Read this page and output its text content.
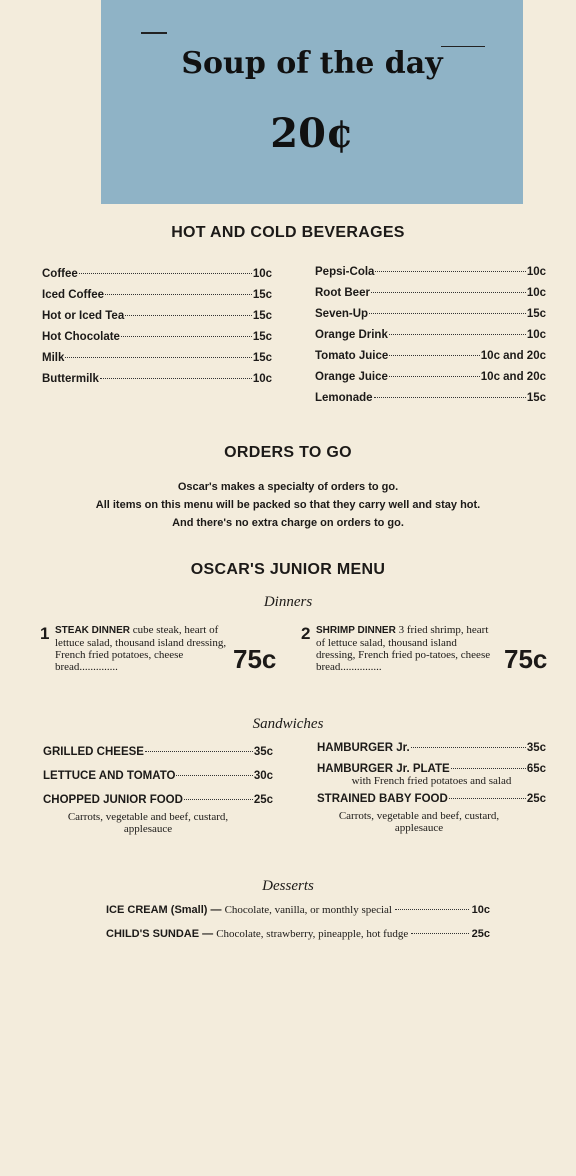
Soup of the day
20¢
HOT AND COLD BEVERAGES
Coffee	10c
Iced Coffee	15c
Hot or Iced Tea	15c
Hot Chocolate	15c
Milk	15c
Buttermilk	10c
Pepsi-Cola	10c
Root Beer	10c
Seven-Up	15c
Orange Drink	10c
Tomato Juice	10c and 20c
Orange Juice	10c and 20c
Lemonade	15c
ORDERS TO GO
Oscar's makes a specialty of orders to go.
All items on this menu will be packed so that they carry well and stay hot.
And there's no extra charge on orders to go.
OSCAR'S JUNIOR MENU
Dinners
1 STEAK DINNER cube steak, heart of lettuce salad, thousand island dressing, French fried potatoes, cheese bread..............	75c
2 SHRIMP DINNER 3 fried shrimp, heart of lettuce salad, thousand island dressing, French fried po-tatoes, cheese bread...............	75c
Sandwiches
GRILLED CHEESE	35c
LETTUCE AND TOMATO	30c
CHOPPED JUNIOR FOOD	25c
Carrots, vegetable and beef, custard, applesauce
HAMBURGER Jr.	35c
HAMBURGER Jr. PLATE	65c
with French fried potatoes and salad
STRAINED BABY FOOD	25c
Carrots, vegetable and beef, custard, applesauce
Desserts
ICE CREAM (Small) —
Chocolate, vanilla, or monthly special	10c
CHILD'S SUNDAE —
Chocolate, strawberry, pineapple, hot fudge	25c
